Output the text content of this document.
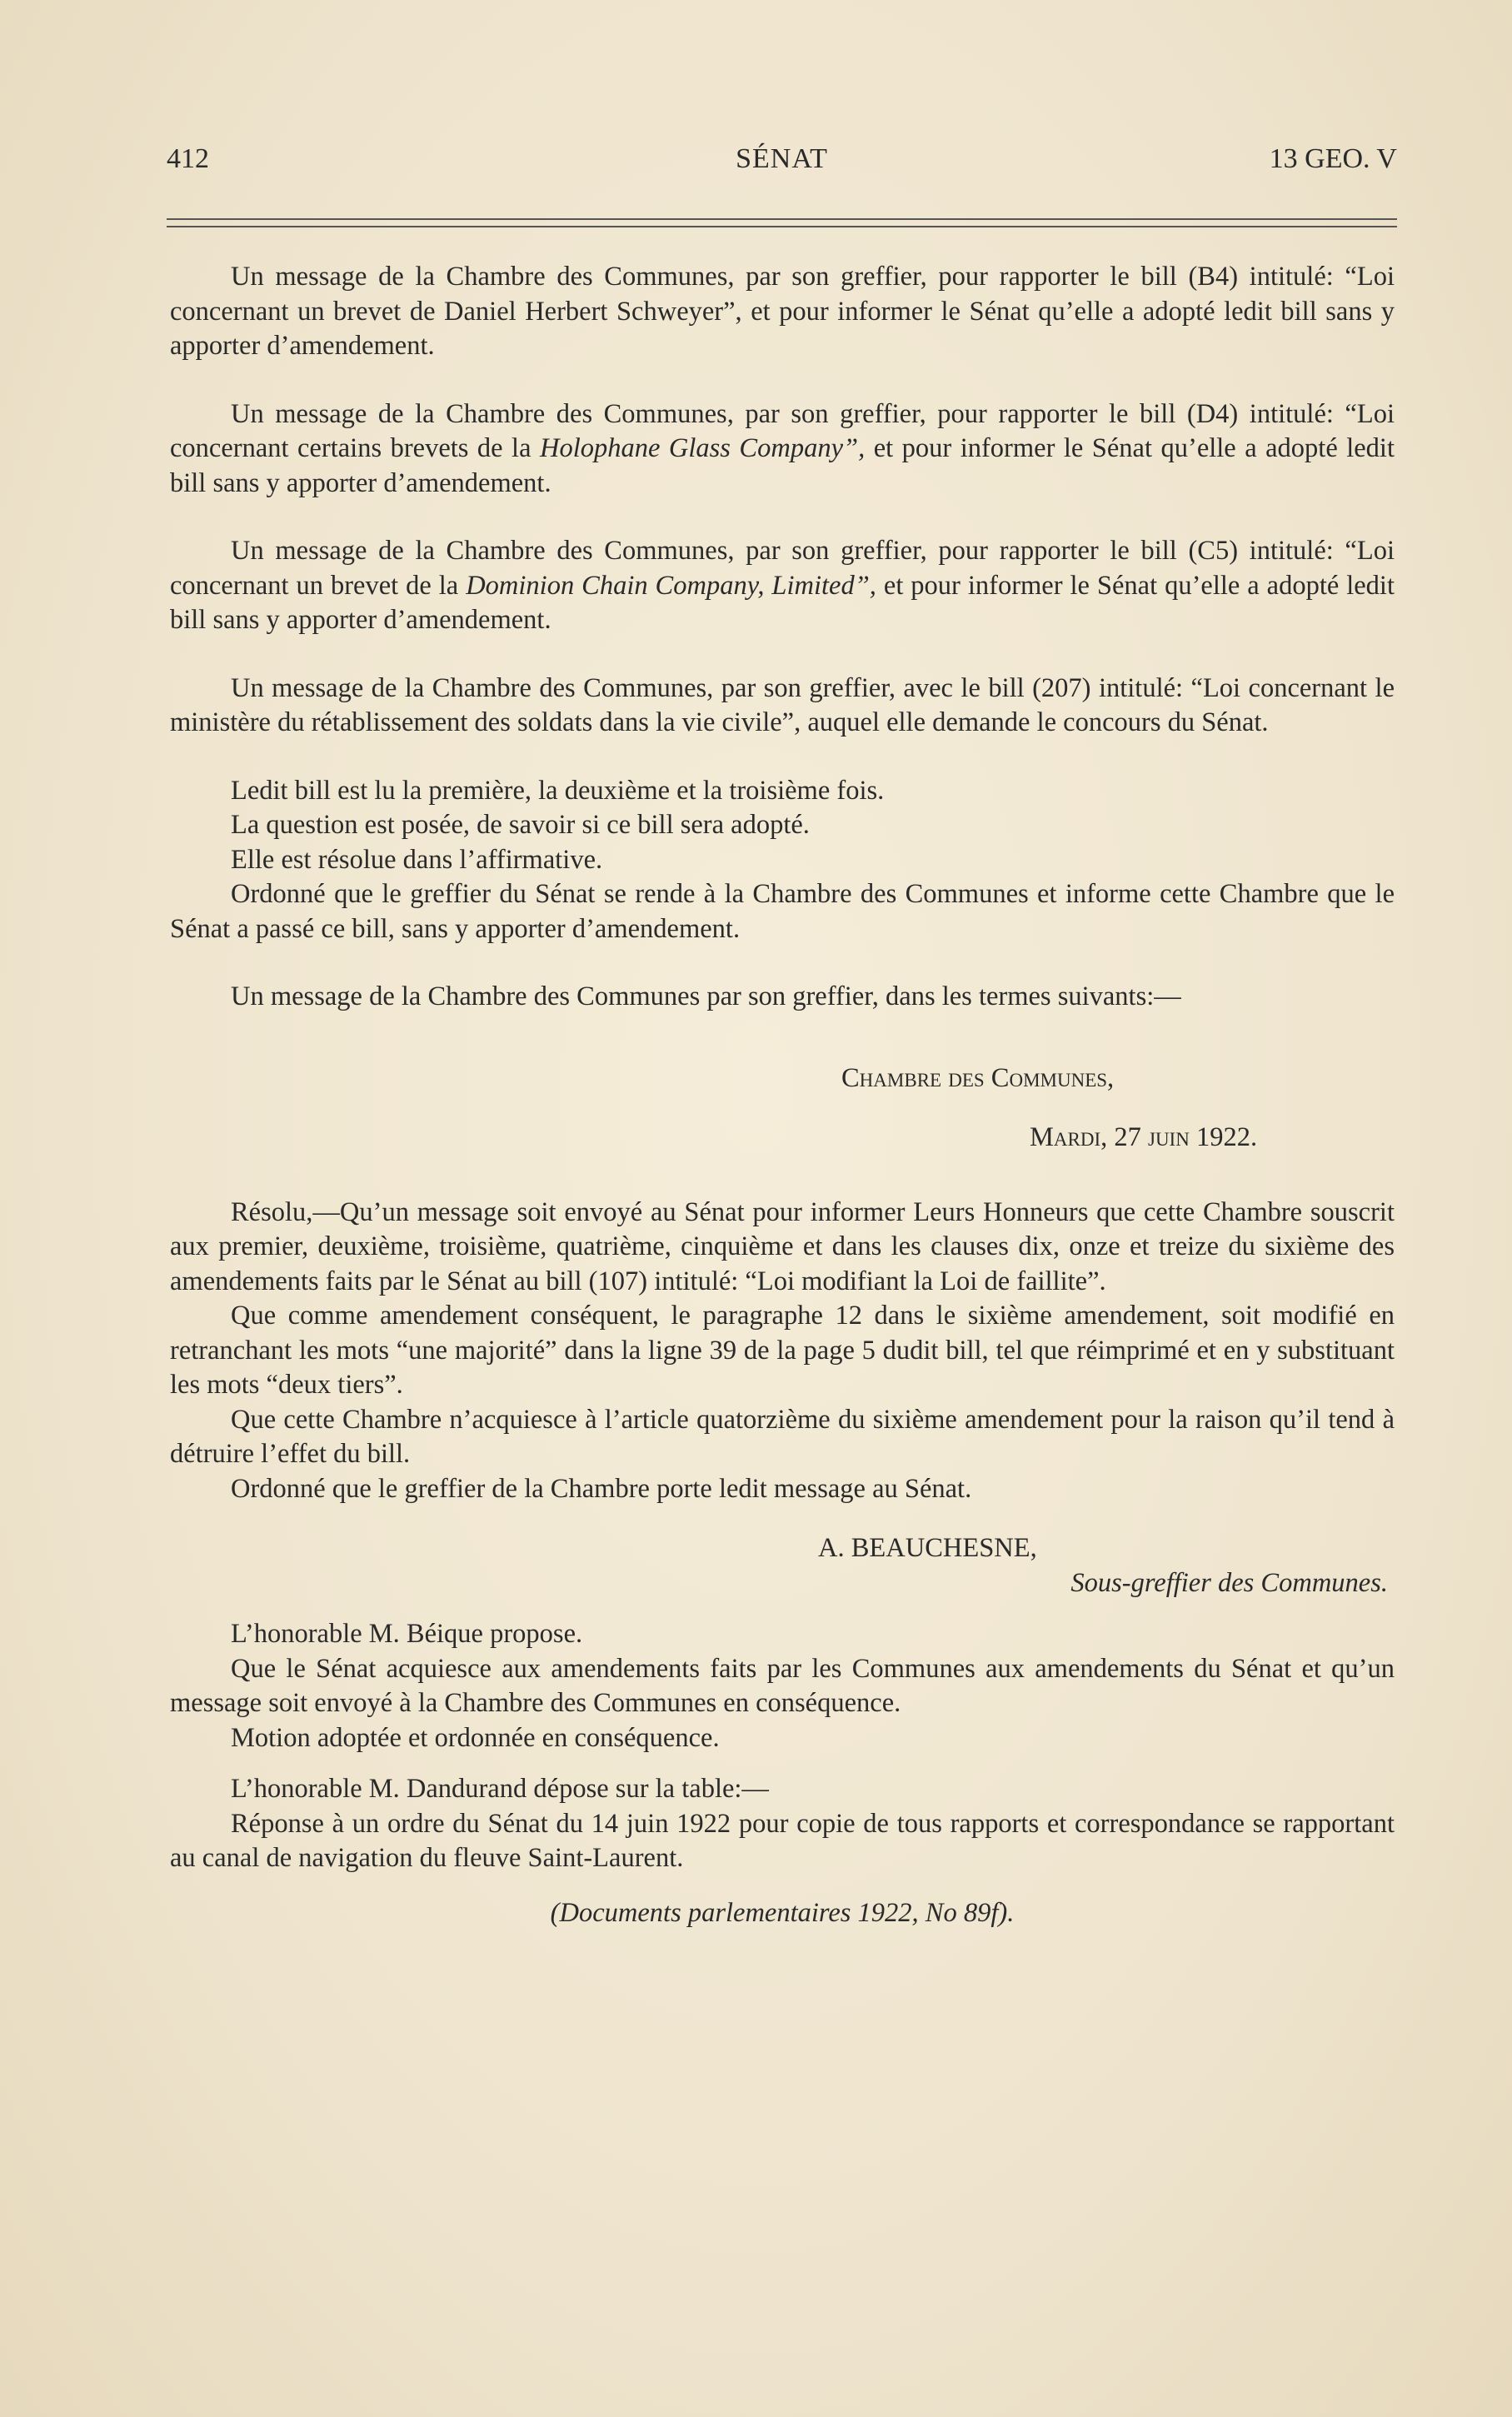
412	SÉNAT	13 GEO. V

Un message de la Chambre des Communes, par son greffier, pour rapporter le bill (B4) intitulé: “Loi concernant un brevet de Daniel Herbert Schweyer”, et pour informer le Sénat qu’elle a adopté ledit bill sans y apporter d’amendement.

Un message de la Chambre des Communes, par son greffier, pour rapporter le bill (D4) intitulé: “Loi concernant certains brevets de la Holophane Glass Company”, et pour informer le Sénat qu’elle a adopté ledit bill sans y apporter d’amendement.

Un message de la Chambre des Communes, par son greffier, pour rapporter le bill (C5) intitulé: “Loi concernant un brevet de la Dominion Chain Company, Limited”, et pour informer le Sénat qu’elle a adopté ledit bill sans y apporter d’amendement.

Un message de la Chambre des Communes, par son greffier, avec le bill (207) intitulé: “Loi concernant le ministère du rétablissement des soldats dans la vie civile”, auquel elle demande le concours du Sénat.

Ledit bill est lu la première, la deuxième et la troisième fois.

La question est posée, de savoir si ce bill sera adopté.

Elle est résolue dans l’affirmative.

Ordonné que le greffier du Sénat se rende à la Chambre des Communes et informe cette Chambre que le Sénat a passé ce bill, sans y apporter d’amendement.

Un message de la Chambre des Communes par son greffier, dans les termes suivants:—

Chambre des Communes,

Mardi, 27 juin 1922.

Résolu,—Qu’un message soit envoyé au Sénat pour informer Leurs Honneurs que cette Chambre souscrit aux premier, deuxième, troisième, quatrième, cinquième et dans les clauses dix, onze et treize du sixième des amendements faits par le Sénat au bill (107) intitulé: “Loi modifiant la Loi de faillite”.

Que comme amendement conséquent, le paragraphe 12 dans le sixième amendement, soit modifié en retranchant les mots “une majorité” dans la ligne 39 de la page 5 dudit bill, tel que réimprimé et en y substituant les mots “deux tiers”.

Que cette Chambre n’acquiesce à l’article quatorzième du sixième amendement pour la raison qu’il tend à détruire l’effet du bill.

Ordonné que le greffier de la Chambre porte ledit message au Sénat.

A. BEAUCHESNE,

Sous-greffier des Communes.

L’honorable M. Béique propose.

Que le Sénat acquiesce aux amendements faits par les Communes aux amendements du Sénat et qu’un message soit envoyé à la Chambre des Communes en conséquence.

Motion adoptée et ordonnée en conséquence.

L’honorable M. Dandurand dépose sur la table:—

Réponse à un ordre du Sénat du 14 juin 1922 pour copie de tous rapports et correspondance se rapportant au canal de navigation du fleuve Saint-Laurent.

(Documents parlementaires 1922, No 89f).
